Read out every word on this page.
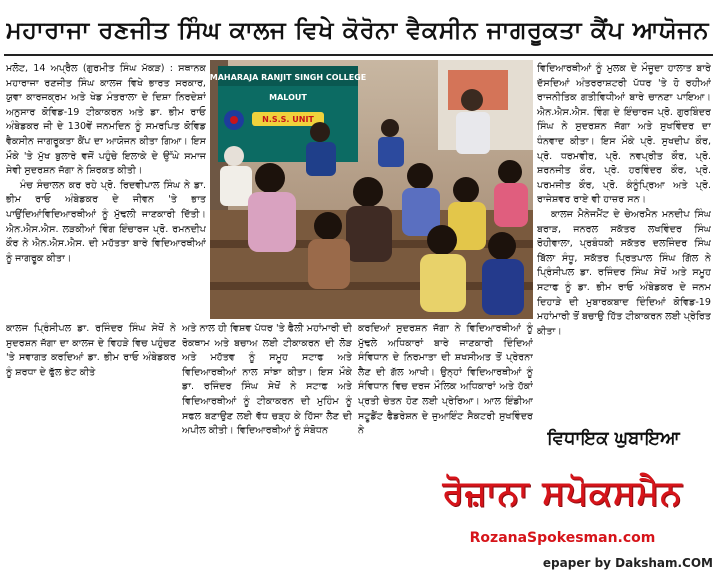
ਮਹਾਰਾਜਾ ਰਣਜੀਤ ਸਿੰਘ ਕਾਲਜ ਵਿਖੇ ਕੋਰੋਨਾ ਵੈਕਸੀਨ ਜਾਗਰੂਕਤਾ ਕੈਂਪ ਆਯੋਜਨ

ਮਲੋਟ, 14 ਅਪ੍ਰੈਲ (ਗੁਰਮੀਤ ਸਿੰਘ ਮੱਕੜ) : ਸਥਾਨਕ ਮਹਾਰਾਜਾ ਰਣਜੀਤ ਸਿੰਘ ਕਾਲਜ ਵਿਖੇ ਭਾਰਤ ਸਰਕਾਰ, ਯੁਵਾ ਕਾਰਜਕ੍ਰਮ ਅਤੇ ਖੇਡ ਮੰਤਰਾਲਾ ਦੇ ਦਿਸ਼ਾ ਨਿਰਦੇਸ਼ਾਂ ਅਨੁਸਾਰ ਕੋਵਿਡ-19 ਟੀਕਾਕਰਨ ਅਤੇ ਡਾ. ਭੀਮ ਰਾਓ ਅੰਬੇਡਕਰ ਜੀ ਦੇ 130ਵੇਂ ਜਨਮਦਿਨ ਨੂੰ ਸਮਰਪਿਤ ਕੋਵਿਡ ਵੈਕਸੀਨ ਜਾਗਰੂਕਤਾ ਕੈਂਪ ਦਾ ਆਯੋਜਨ ਕੀਤਾ ਗਿਆ। ਇਸ ਮੌਕੇ 'ਤੇ ਮੁੱਖ ਬੁਲਾਰੇ ਵਜੋਂ ਪਹੁੰਚੇ ਇਲਾਕੇ ਦੇ ਉੱਘੇ ਸਮਾਜ ਸੇਵੀ ਸੁਦਰਸ਼ਨ ਜੱਗਾ ਨੇ ਸ਼ਿਰਕਤ ਕੀਤੀ।

ਮੰਚ ਸੰਚਾਲਨ ਕਰ ਰਹੇ ਪ੍ਰੋ. ਰਿਦਵੀਪਾਲ ਸਿੰਘ ਨੇ ਡਾ. ਭੀਮ ਰਾਓ ਅੰਬੇਡਕਰ ਦੇ ਜੀਵਨ 'ਤੇ ਭਾਤ ਪਾਉਂਦਿਆਂਵਿਦਿਆਰਥੀਆਂ ਨੂੰ ਮੁੱਢਲੀ ਜਾਣਕਾਰੀ ਦਿੱਤੀ। ਐਨ.ਐਸ.ਐਸ. ਲੜਕੀਆਂ ਵਿੰਗ ਇੰਚਾਰਜ ਪ੍ਰੋ. ਰਮਨਦੀਪ ਕੌਰ ਨੇ ਐਨ.ਐਸ.ਐਸ. ਦੀ ਮਹੱਤਤਾ ਬਾਰੇ ਵਿਦਿਆਰਥੀਆਂ ਨੂੰ ਜਾਗਰੂਕ ਕੀਤਾ।

MAHARAJA RANJIT SINGH COLLEGE
MALOUT
N.S.S. UNIT

ਕਾਲਜ ਪ੍ਰਿੰਸੀਪਲ ਡਾ. ਰਜਿੰਦਰ ਸਿੰਘ ਸੇਖੋਂ ਨੇ ਸੁਦਰਸ਼ਨ ਜੱਗਾ ਦਾ ਕਾਲਜ ਦੇ ਵਿਹੜੇ ਵਿਚ ਪਹੁੰਚਣ 'ਤੇ ਸਵਾਗਤ ਕਰਦਿਆਂ ਡਾ. ਭੀਮ ਰਾਓ ਅੰਬੇਡਕਰ ਨੂੰ ਸ਼ਰਧਾ ਦੇ ਫੁੱਲ ਭੇਟ ਕੀਤੇ

ਅਤੇ ਨਾਲ ਹੀ ਵਿਸ਼ਵ ਪੱਧਰ 'ਤੇ ਫੈਲੀ ਮਹਾਂਮਾਰੀ ਦੀ ਰੋਕਥਾਮ ਅਤੇ ਬਚਾਅ ਲਈ ਟੀਕਾਕਰਨ ਦੀ ਲੋੜ ਅਤੇ ਮਹੱਤਵ ਨੂੰ ਸਮੂਹ ਸਟਾਫ ਅਤੇ ਵਿਦਿਆਰਥੀਆਂ ਨਾਲ ਸਾਂਝਾ ਕੀਤਾ। ਇਸ ਮੌਕੇ ਡਾ. ਰਜਿੰਦਰ ਸਿੰਘ ਸੇਖੋਂ ਨੇ ਸਟਾਫ ਅਤੇ ਵਿਦਿਆਰਥੀਆਂ ਨੂੰ ਟੀਕਾਕਰਨ ਦੀ ਮੁਹਿੰਮ ਨੂੰ ਸਫਲ ਬਣਾਉਣ ਲਈ ਵੱਧ ਚੜ੍ਹ ਕੇ ਹਿੱਸਾ ਲੈਣ ਦੀ ਅਪੀਲ ਕੀਤੀ। ਵਿਦਿਆਰਥੀਆਂ ਨੂੰ ਸੰਬੋਧਨ

ਕਰਦਿਆਂ ਸੁਦਰਸ਼ਨ ਜੱਗਾ ਨੇ ਵਿਦਿਆਰਥੀਆਂ ਨੂੰ ਮੁੱਢਲੇ ਅਧਿਕਾਰਾਂ ਬਾਰੇ ਜਾਣਕਾਰੀ ਦਿੰਦਿਆਂ ਸੰਵਿਧਾਨ ਦੇ ਨਿਰਮਾਤਾ ਦੀ ਸ਼ਖਸੀਅਤ ਤੋਂ ਪ੍ਰੇਰਨਾ ਲੈਣ ਦੀ ਗੱਲ ਆਖੀ। ਉਨ੍ਹਾਂ ਵਿਦਿਆਰਥੀਆਂ ਨੂੰ ਸੰਵਿਧਾਨ ਵਿਚ ਦਰਜ ਮੌਲਿਕ ਅਧਿਕਾਰਾਂ ਅਤੇ ਹੱਕਾਂ ਪ੍ਰਤੀ ਚੇਤਨ ਹੋਣ ਲਈ ਪ੍ਰੇਰਿਆ। ਆਲ ਇੰਡੀਆ ਸਟੂਡੈਂਟ ਫੈਡਰੇਸ਼ਨ ਦੇ ਜੁਆਇੰਟ ਸੈਕਟਰੀ ਸੁਖਵਿੰਦਰ ਨੇ

ਵਿਦਿਆਰਥੀਆਂ ਨੂੰ ਮੁਲਕ ਦੇ ਮੌਜੂਦਾ ਹਾਲਾਤ ਬਾਰੇ ਦੱਸਦਿਆਂ ਅੰਤਰਰਾਸ਼ਟਰੀ ਪੱਧਰ 'ਤੇ ਹੋ ਰਹੀਆਂ ਰਾਜਨੀਤਿਕ ਗਤੀਵਿਧੀਆਂ ਬਾਰੇ ਚਾਨਣਾ ਪਾਇਆ। ਐਨ.ਐਸ.ਐਸ. ਵਿੰਗ ਦੇ ਇੰਚਾਰਜ ਪ੍ਰੋ. ਗੁਰਬਿੰਦਰ ਸਿੰਘ ਨੇ ਸੁਦਰਸ਼ਨ ਜੱਗਾ ਅਤੇ ਸੁਖਵਿੰਦਰ ਦਾ ਧੰਨਵਾਦ ਕੀਤਾ। ਇਸ ਮੌਕੇ ਪ੍ਰੋ. ਸੁਖਦੀਪ ਕੌਰ, ਪ੍ਰੋ. ਧਰਮਵੀਰ, ਪ੍ਰੋ. ਨਵਪ੍ਰੀਤ ਕੌਰ, ਪ੍ਰੋ. ਸ਼ਰਨਜੀਤ ਕੌਰ, ਪ੍ਰੋ. ਹਰਵਿੰਦਰ ਕੌਰ, ਪ੍ਰੋ. ਪਰਮਜੀਤ ਕੌਰ, ਪ੍ਰੋ. ਕੰਨੂੰਪ੍ਰਿਆ ਅਤੇ ਪ੍ਰੋ. ਰਾਜੇਸ਼ਵਰ ਰਾਏ ਵੀ ਹਾਜ਼ਰ ਸਨ।

ਕਾਲਜ ਮੈਨੇਜਮੈਂਟ ਦੇ ਚੇਅਰਮੈਨ ਮਨਦੀਪ ਸਿੰਘ ਬਰਾੜ, ਜਨਰਲ ਸਕੱਤਰ ਲਖਵਿੰਦਰ ਸਿੰਘ ਰੋਹੀਵਾਲਾ, ਪ੍ਰਬੰਧਕੀ ਸਕੱਤਰ ਦਲਜਿੰਦਰ ਸਿੰਘ ਬਿੱਲਾ ਸੰਧੂ, ਸਕੱਤਰ ਪ੍ਰਿਤਪਾਲ ਸਿੰਘ ਗਿੱਲ ਨੇ ਪ੍ਰਿੰਸੀਪਲ ਡਾ. ਰਜਿੰਦਰ ਸਿੰਘ ਸੇਖੋਂ ਅਤੇ ਸਮੂਹ ਸਟਾਫ ਨੂੰ ਡਾ. ਭੀਮ ਰਾਓ ਅੰਬੇਡਕਰ ਦੇ ਜਨਮ ਦਿਹਾੜੇ ਦੀ ਮੁਬਾਰਕਬਾਦ ਦਿੰਦਿਆਂ ਕੋਵਿਡ-19 ਮਹਾਂਮਾਰੀ ਤੋਂ ਬਚਾਉ ਹਿੱਤ ਟੀਕਾਕਰਨ ਲਈ ਪ੍ਰੇਰਿਤ ਕੀਤਾ।

ਵਿਧਾਇਕ ਘੁਬਾਇਆ
ਰੋਜ਼ਾਨਾ ਸਪੋਕਸਮੈਨ
RozanaSpokesman.com
epaper by Daksham.COM
